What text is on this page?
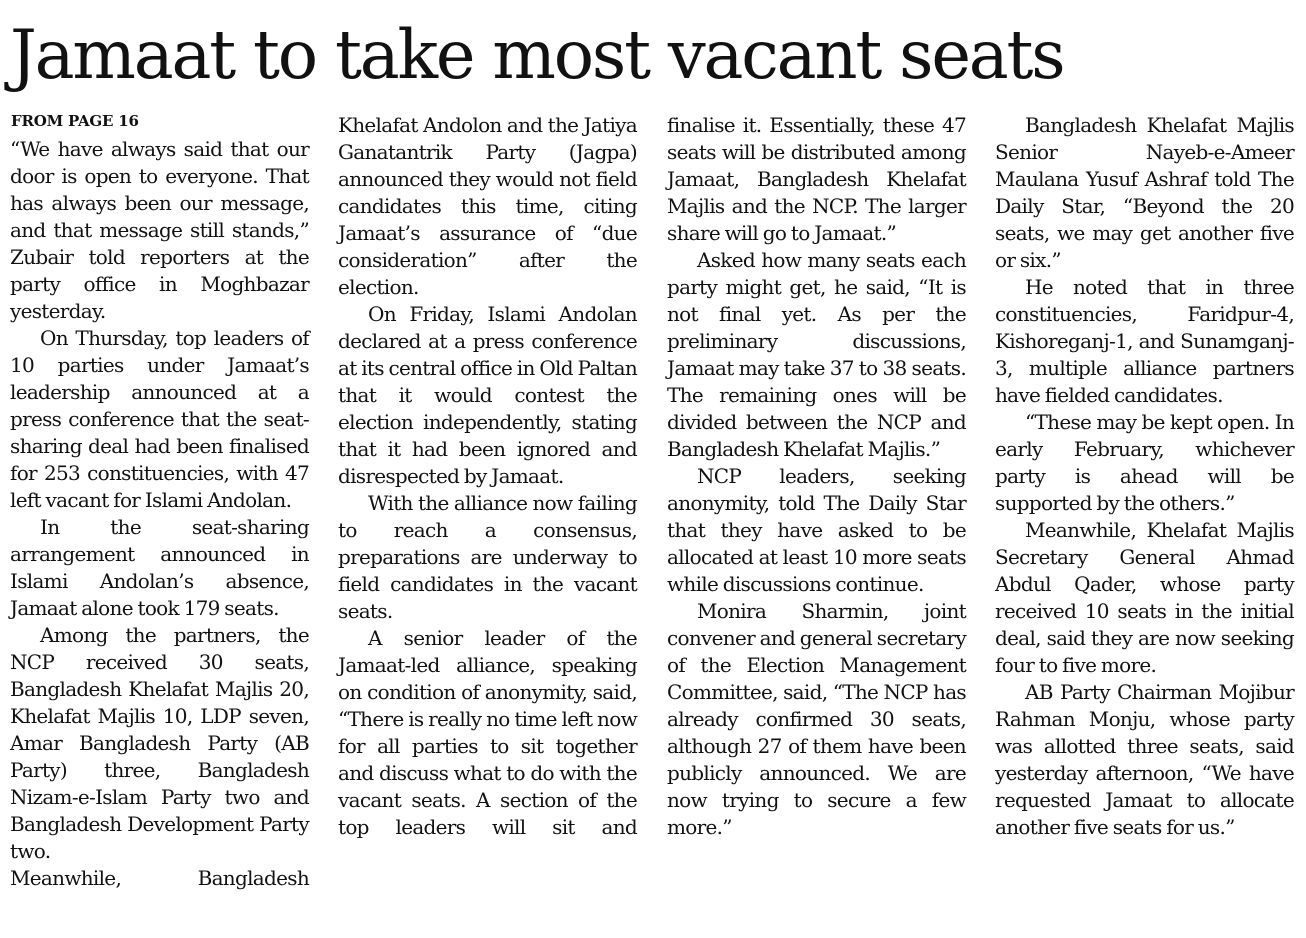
Jamaat to take most vacant seats
FROM PAGE 16

“We have always said that our door is open to everyone. That has always been our message, and that message still stands,” Zubair told reporters at the party office in Moghbazar yesterday.

On Thursday, top leaders of 10 parties under Jamaat’s leadership announced at a press conference that the seat-sharing deal had been finalised for 253 constituencies, with 47 left vacant for Islami Andolan.

In the seat-sharing arrangement announced in Islami Andolan’s absence, Jamaat alone took 179 seats.

Among the partners, the NCP received 30 seats, Bangladesh Khelafat Majlis 20, Khelafat Majlis 10, LDP seven, Amar Bangladesh Party (AB Party) three, Bangladesh Nizam-e-Islam Party two and Bangladesh Development Party two.

Meanwhile, Bangladesh

Khelafat Andolon and the Jatiya Ganatantrik Party (Jagpa) announced they would not field candidates this time, citing Jamaat’s assurance of “due consideration” after the election.

On Friday, Islami Andolan declared at a press conference at its central office in Old Paltan that it would contest the election independently, stating that it had been ignored and disrespected by Jamaat.

With the alliance now failing to reach a consensus, preparations are underway to field candidates in the vacant seats.

A senior leader of the Jamaat-led alliance, speaking on condition of anonymity, said, “There is really no time left now for all parties to sit together and discuss what to do with the vacant seats. A section of the top leaders will sit and

finalise it. Essentially, these 47 seats will be distributed among Jamaat, Bangladesh Khelafat Majlis and the NCP. The larger share will go to Jamaat.”

Asked how many seats each party might get, he said, “It is not final yet. As per the preliminary discussions, Jamaat may take 37 to 38 seats. The remaining ones will be divided between the NCP and Bangladesh Khelafat Majlis.”

NCP leaders, seeking anonymity, told The Daily Star that they have asked to be allocated at least 10 more seats while discussions continue.

Monira Sharmin, joint convener and general secretary of the Election Management Committee, said, “The NCP has already confirmed 30 seats, although 27 of them have been publicly announced. We are now trying to secure a few more.”

Bangladesh Khelafat Majlis Senior Nayeb-e-Ameer Maulana Yusuf Ashraf told The Daily Star, “Beyond the 20 seats, we may get another five or six.”

He noted that in three constituencies, Faridpur-4, Kishoreganj-1, and Sunamganj-3, multiple alliance partners have fielded candidates.

“These may be kept open. In early February, whichever party is ahead will be supported by the others.”

Meanwhile, Khelafat Majlis Secretary General Ahmad Abdul Qader, whose party received 10 seats in the initial deal, said they are now seeking four to five more.

AB Party Chairman Mojibur Rahman Monju, whose party was allotted three seats, said yesterday afternoon, “We have requested Jamaat to allocate another five seats for us.”
